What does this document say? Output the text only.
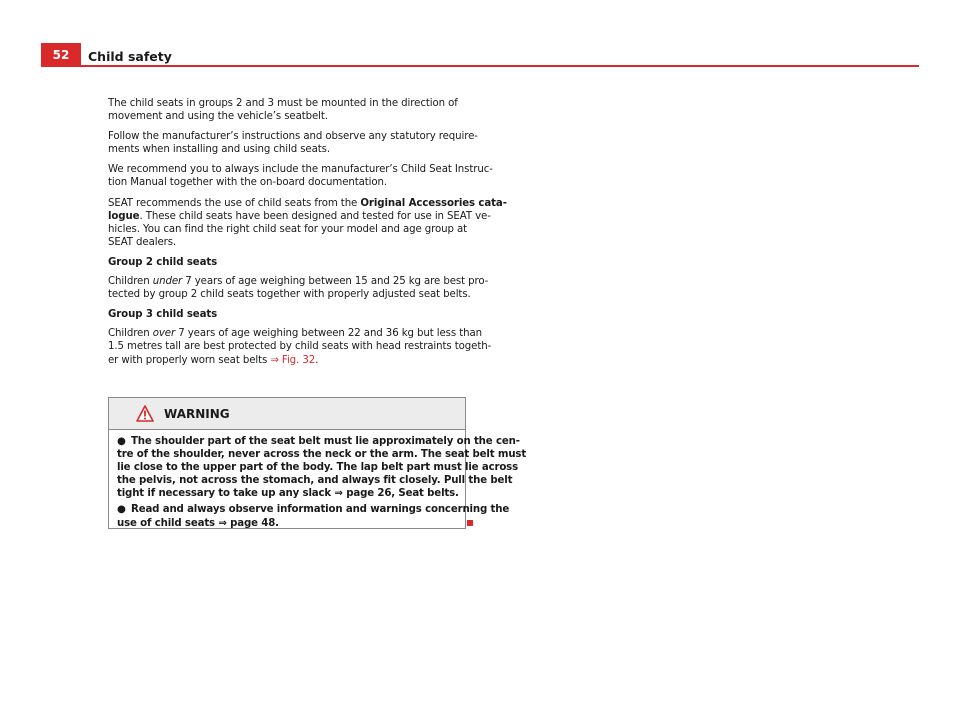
52	Child safety

The child seats in groups 2 and 3 must be mounted in the direction of
movement and using the vehicle’s seatbelt.

Follow the manufacturer’s instructions and observe any statutory require-
ments when installing and using child seats.

We recommend you to always include the manufacturer’s Child Seat Instruc-
tion Manual together with the on-board documentation.

SEAT recommends the use of child seats from the Original Accessories cata-
logue. These child seats have been designed and tested for use in SEAT ve-
hicles. You can find the right child seat for your model and age group at
SEAT dealers.

Group 2 child seats

Children under 7 years of age weighing between 15 and 25 kg are best pro-
tected by group 2 child seats together with properly adjusted seat belts.

Group 3 child seats

Children over 7 years of age weighing between 22 and 36 kg but less than
1.5 metres tall are best protected by child seats with head restraints togeth-
er with properly worn seat belts ⇒ Fig. 32.

WARNING
● The shoulder part of the seat belt must lie approximately on the cen-
tre of the shoulder, never across the neck or the arm. The seat belt must
lie close to the upper part of the body. The lap belt part must lie across
the pelvis, not across the stomach, and always fit closely. Pull the belt
tight if necessary to take up any slack ⇒ page 26, Seat belts.
● Read and always observe information and warnings concerning the
use of child seats ⇒ page 48.
